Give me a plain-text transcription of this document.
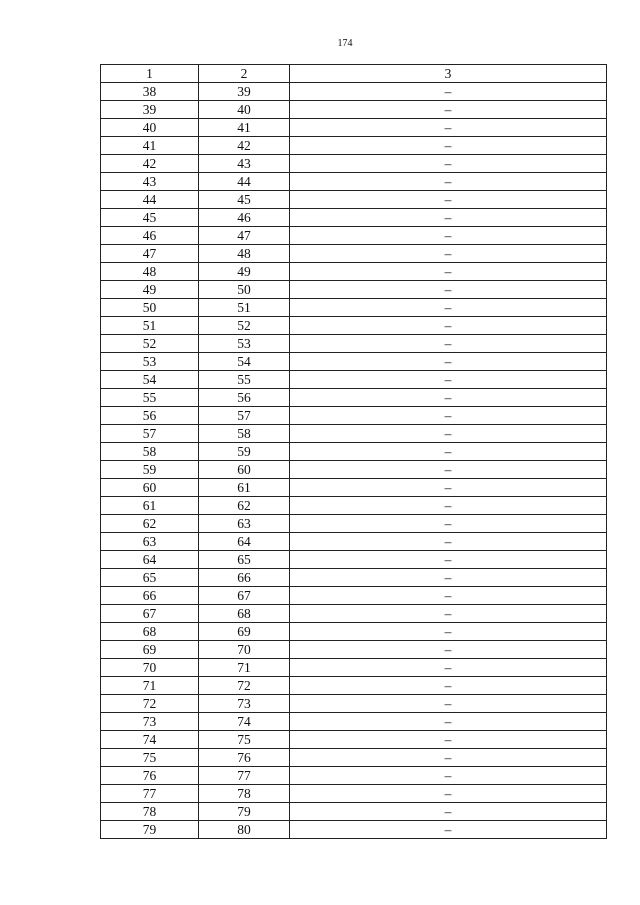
174
1	2	3
38	39	–
39	40	–
40	41	–
41	42	–
42	43	–
43	44	–
44	45	–
45	46	–
46	47	–
47	48	–
48	49	–
49	50	–
50	51	–
51	52	–
52	53	–
53	54	–
54	55	–
55	56	–
56	57	–
57	58	–
58	59	–
59	60	–
60	61	–
61	62	–
62	63	–
63	64	–
64	65	–
65	66	–
66	67	–
67	68	–
68	69	–
69	70	–
70	71	–
71	72	–
72	73	–
73	74	–
74	75	–
75	76	–
76	77	–
77	78	–
78	79	–
79	80	–
